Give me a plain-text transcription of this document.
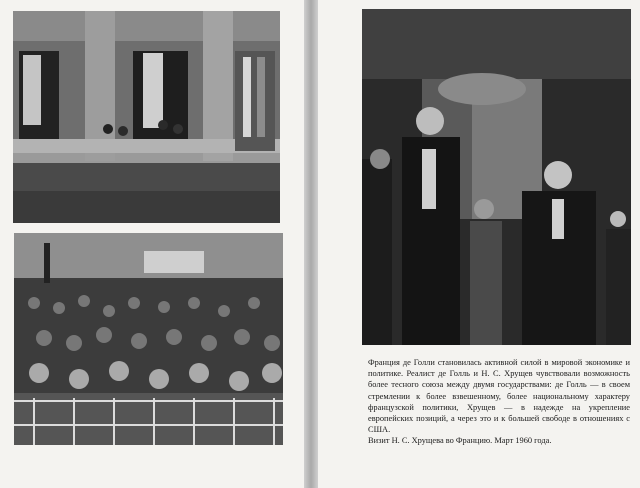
Франция де Голли становилась активной силой в мировой экономике и политике. Реалист де Голль и Н. С. Хрущев чувствовали возможность более тесного союза между двумя государствами: де Голль — в своем стремлении к более взвешенному, более национальному характеру французской политики, Хрущев — в надежде на укрепление европейских позиций, а через это и к большей свободе в отношениях с США.

Визит Н. С. Хрущева во Францию. Март 1960 года.
